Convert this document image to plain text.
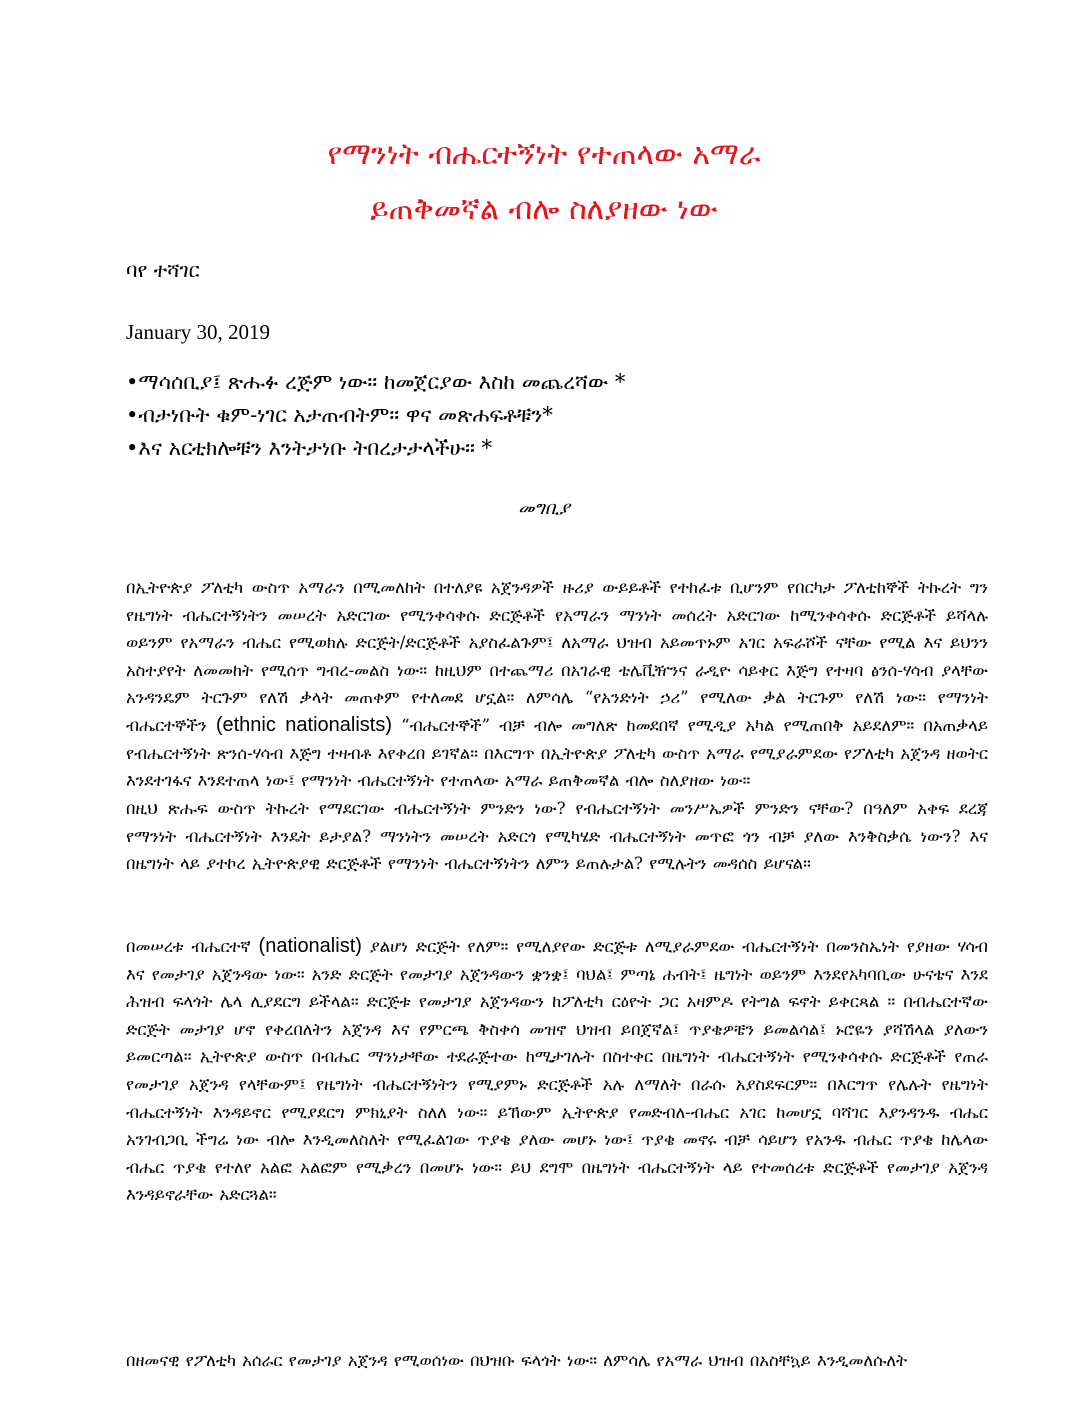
የማንነት ብሔርተኝነት የተጠላው አማራ
ይጠቅመኛል ብሎ ስለያዘው ነው
ባየ ተሻገር
January 30, 2019
•ማሳሰቢያ፤ ጽሑፉ ረጅም ነው። ከመጀርያው እስከ መጨረሻው *
•ብታነቡት ቁም-ነገር አታጠብትም። ዋና መጽሐፍቶቹን*
•እና አርቲክሎቹን እንትታነቡ ትበረታታላችሁ። *
መግቢያ

በኢትዮጵያ ፖለቲካ ውስጥ አማራን በሚመለከት በተለያዩ አጀንዳዎች ዙሪያ ውይይቶች የተከፈቱ ቢሆንም የበርካታ ፖለቲከኞች ትኩረት ግን የዜግነት ብሔርተኝነትን መሠረት አድርገው የሚንቀሳቀሱ ድርጅቶች የአማራን ማንነት መሰረት አድርገው ከሚንቀሳቀሱ ድርጅቶች ይሻላሉ ወይንም የአማራን ብሔር የሚወክሉ ድርጅት/ድርጅቶች አያስፈልጉም፤ ለአማራ ህዝብ አይመጥኑም አገር አፍራሾች ናቸው የሚል እና ይህንን አስተያየት ለመመከት የሚሰጥ ግብረ-መልስ ነው። ከዚህም በተጨማሪ በአገራዊ ቴሌቪዥንና ራዲዮ ሳይቀር እጅግ የተዛባ ፅንሰ-ሃሳብ ያላቸው አንዳንዴም ትርጉም የለሽ ቃላት መጠቀም የተለመደ ሆኗል። ለምሳሌ “የአንድነት ኃሪ” የሚለው ቃል ትርጉም የለሽ ነው። የማንነት ብሔርተኞችን (ethnic nationalists) “ብሔርተኞች” ብቻ ብሎ መግለጽ ከመደበኛ የሚዲያ አካል የሚጠበቅ አይደለም። በአጠቃላይ የብሔርተኝነት ጽንሰ-ሃሳብ እጅግ ተዛብቶ እየቀረበ ይገኛል። በእርግጥ በኢትዮጵያ ፖለቲካ ውስጥ አማራ የሚያራምደው የፖለቲካ አጀንዳ ዘወትር እንደተገፋና እንደተጠላ ነው፤ የማንነት ብሔርተኝነት የተጠላው አማራ ይጠቅመኛል ብሎ ስለያዘው ነው።

በዚህ ጽሑፍ ውስጥ ትኩረት የማደርገው ብሔርተኝነት ምንድን ነው? የብሔርተኝነት መንሥኤዎች ምንድን ናቸው? በዓለም አቀፍ ደረጃ የማንነት ብሔርተኝነት እንዴት ይታያል? ማንነትን መሠረት አድርጎ የሚካሄድ ብሔርተኝነት መጥፎ ጎን ብቻ ያለው እንቅስቃሴ ነውን? እና በዜግነት ላይ ያተኮረ ኢትዮጵያዊ ድርጅቶች የማንነት ብሔርተኝነትን ለምን ይጠሉታል? የሚሉትን መዳሰስ ይሆናል።

በመሠረቱ ብሔርተኛ (nationalist) ያልሆነ ድርጅት የለም። የሚለያየው ድርጅቱ ለሚያራምደው ብሔርተኝነት በመንስኤነት የያዘው ሃሳብ እና የመታገያ አጀንዳው ነው። አንድ ድርጅት የመታገያ አጀንዳውን ቋንቋ፤ ባህል፤ ምጣኔ ሐብት፤ ዜግነት ወይንም እንደየአካባቢው ሁናቴና እንደ ሕዝብ ፍላጎት ሌላ ሊያደርግ ይችላል። ድርጅቱ የመታገያ አጀንዳውን ከፖለቲካ ርዕዮት ጋር አዛምዶ የትግል ፍኖት ይቀርጻል ። በብሔርተኛው ድርጅት መታገያ ሆኖ የቀረበለትን አጀንዳ እና የምርጫ ቅስቀሳ መዝኖ ህዝብ ይበጀኛል፤ ጥያቄዎቼን ይመልሳል፤ ኑሮዬን ያሻሽላል ያለውን ይመርጣል። ኢትዮጵያ ውስጥ በብሔር ማንነታቸው ተደራጅተው ከሚታገሉት በስተቀር በዜግነት ብሔርተኝነት የሚንቀሳቀሱ ድርጅቶች የጠራ የመታገያ አጀንዳ የላቸውም፤ የዜግነት ብሔርተኝነትን የሚያምኑ ድርጅቶች አሉ ለማለት በራሱ አያስደፍርም። በእርግጥ የሌሉት የዜግነት ብሔርተኝነት እንዳይኖር የሚያደርግ ምክኒያት ስለለ ነው። ይኸውም ኢትዮጵያ የመድብለ-ብሔር አገር ከመሆኗ ባሻገር እያንዳንዱ ብሔር አንገብጋቢ ችግሬ ነው ብሎ እንዲመለስለት የሚፈልገው ጥያቄ ያለው መሆኑ ነው፤ ጥያቄ መኖሩ ብቻ ሳይሆን የአንዱ ብሔር ጥያቄ ከሌላው ብሔር ጥያቄ የተለየ አልፎ አልፎም የሚቃረን በመሆኑ ነው። ይህ ደግሞ በዜግነት ብሔርተኝነት ላይ የተመሰረቱ ድርጅቶች የመታገያ አጀንዳ እንዳይኖራቸው አድርጓል።

በዘመናዊ የፖለቲካ አሰራር የመታገያ አጀንዳ የሚወሰነው በህዝቡ ፍላጎት ነው። ለምሳሌ የአማራ ህዝብ በአስቸኳይ እንዲመለሱለት
